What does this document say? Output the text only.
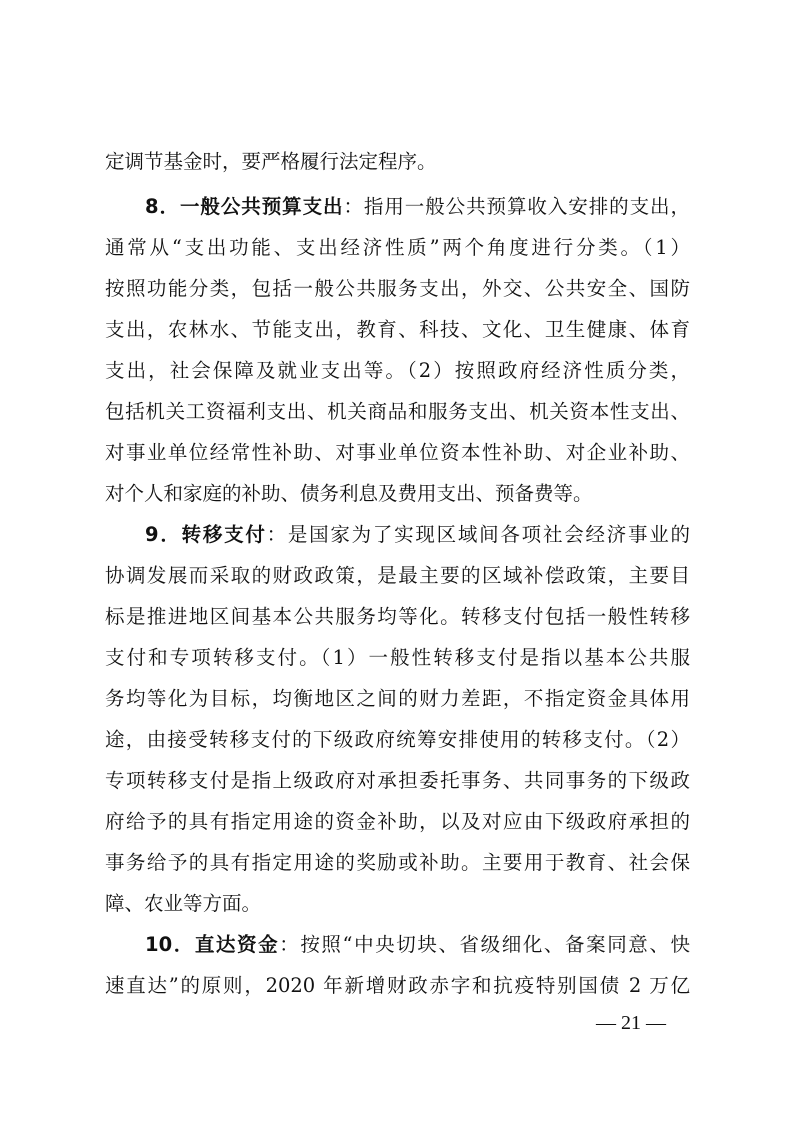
定调节基金时，要严格履行法定程序。
8．一般公共预算支出：指用一般公共预算收入安排的支出，
通常从“支出功能、支出经济性质”两个角度进行分类。（1）
按照功能分类，包括一般公共服务支出，外交、公共安全、国防
支出，农林水、节能支出，教育、科技、文化、卫生健康、体育
支出，社会保障及就业支出等。（2）按照政府经济性质分类，
包括机关工资福利支出、机关商品和服务支出、机关资本性支出、
对事业单位经常性补助、对事业单位资本性补助、对企业补助、
对个人和家庭的补助、债务利息及费用支出、预备费等。
9．转移支付：是国家为了实现区域间各项社会经济事业的
协调发展而采取的财政政策，是最主要的区域补偿政策，主要目
标是推进地区间基本公共服务均等化。转移支付包括一般性转移
支付和专项转移支付。（1）一般性转移支付是指以基本公共服
务均等化为目标，均衡地区之间的财力差距，不指定资金具体用
途，由接受转移支付的下级政府统筹安排使用的转移支付。（2）
专项转移支付是指上级政府对承担委托事务、共同事务的下级政
府给予的具有指定用途的资金补助，以及对应由下级政府承担的
事务给予的具有指定用途的奖励或补助。主要用于教育、社会保
障、农业等方面。
10．直达资金：按照“中央切块、省级细化、备案同意、快
速直达”的原则，2020 年新增财政赤字和抗疫特别国债 2 万亿
— 21 —
